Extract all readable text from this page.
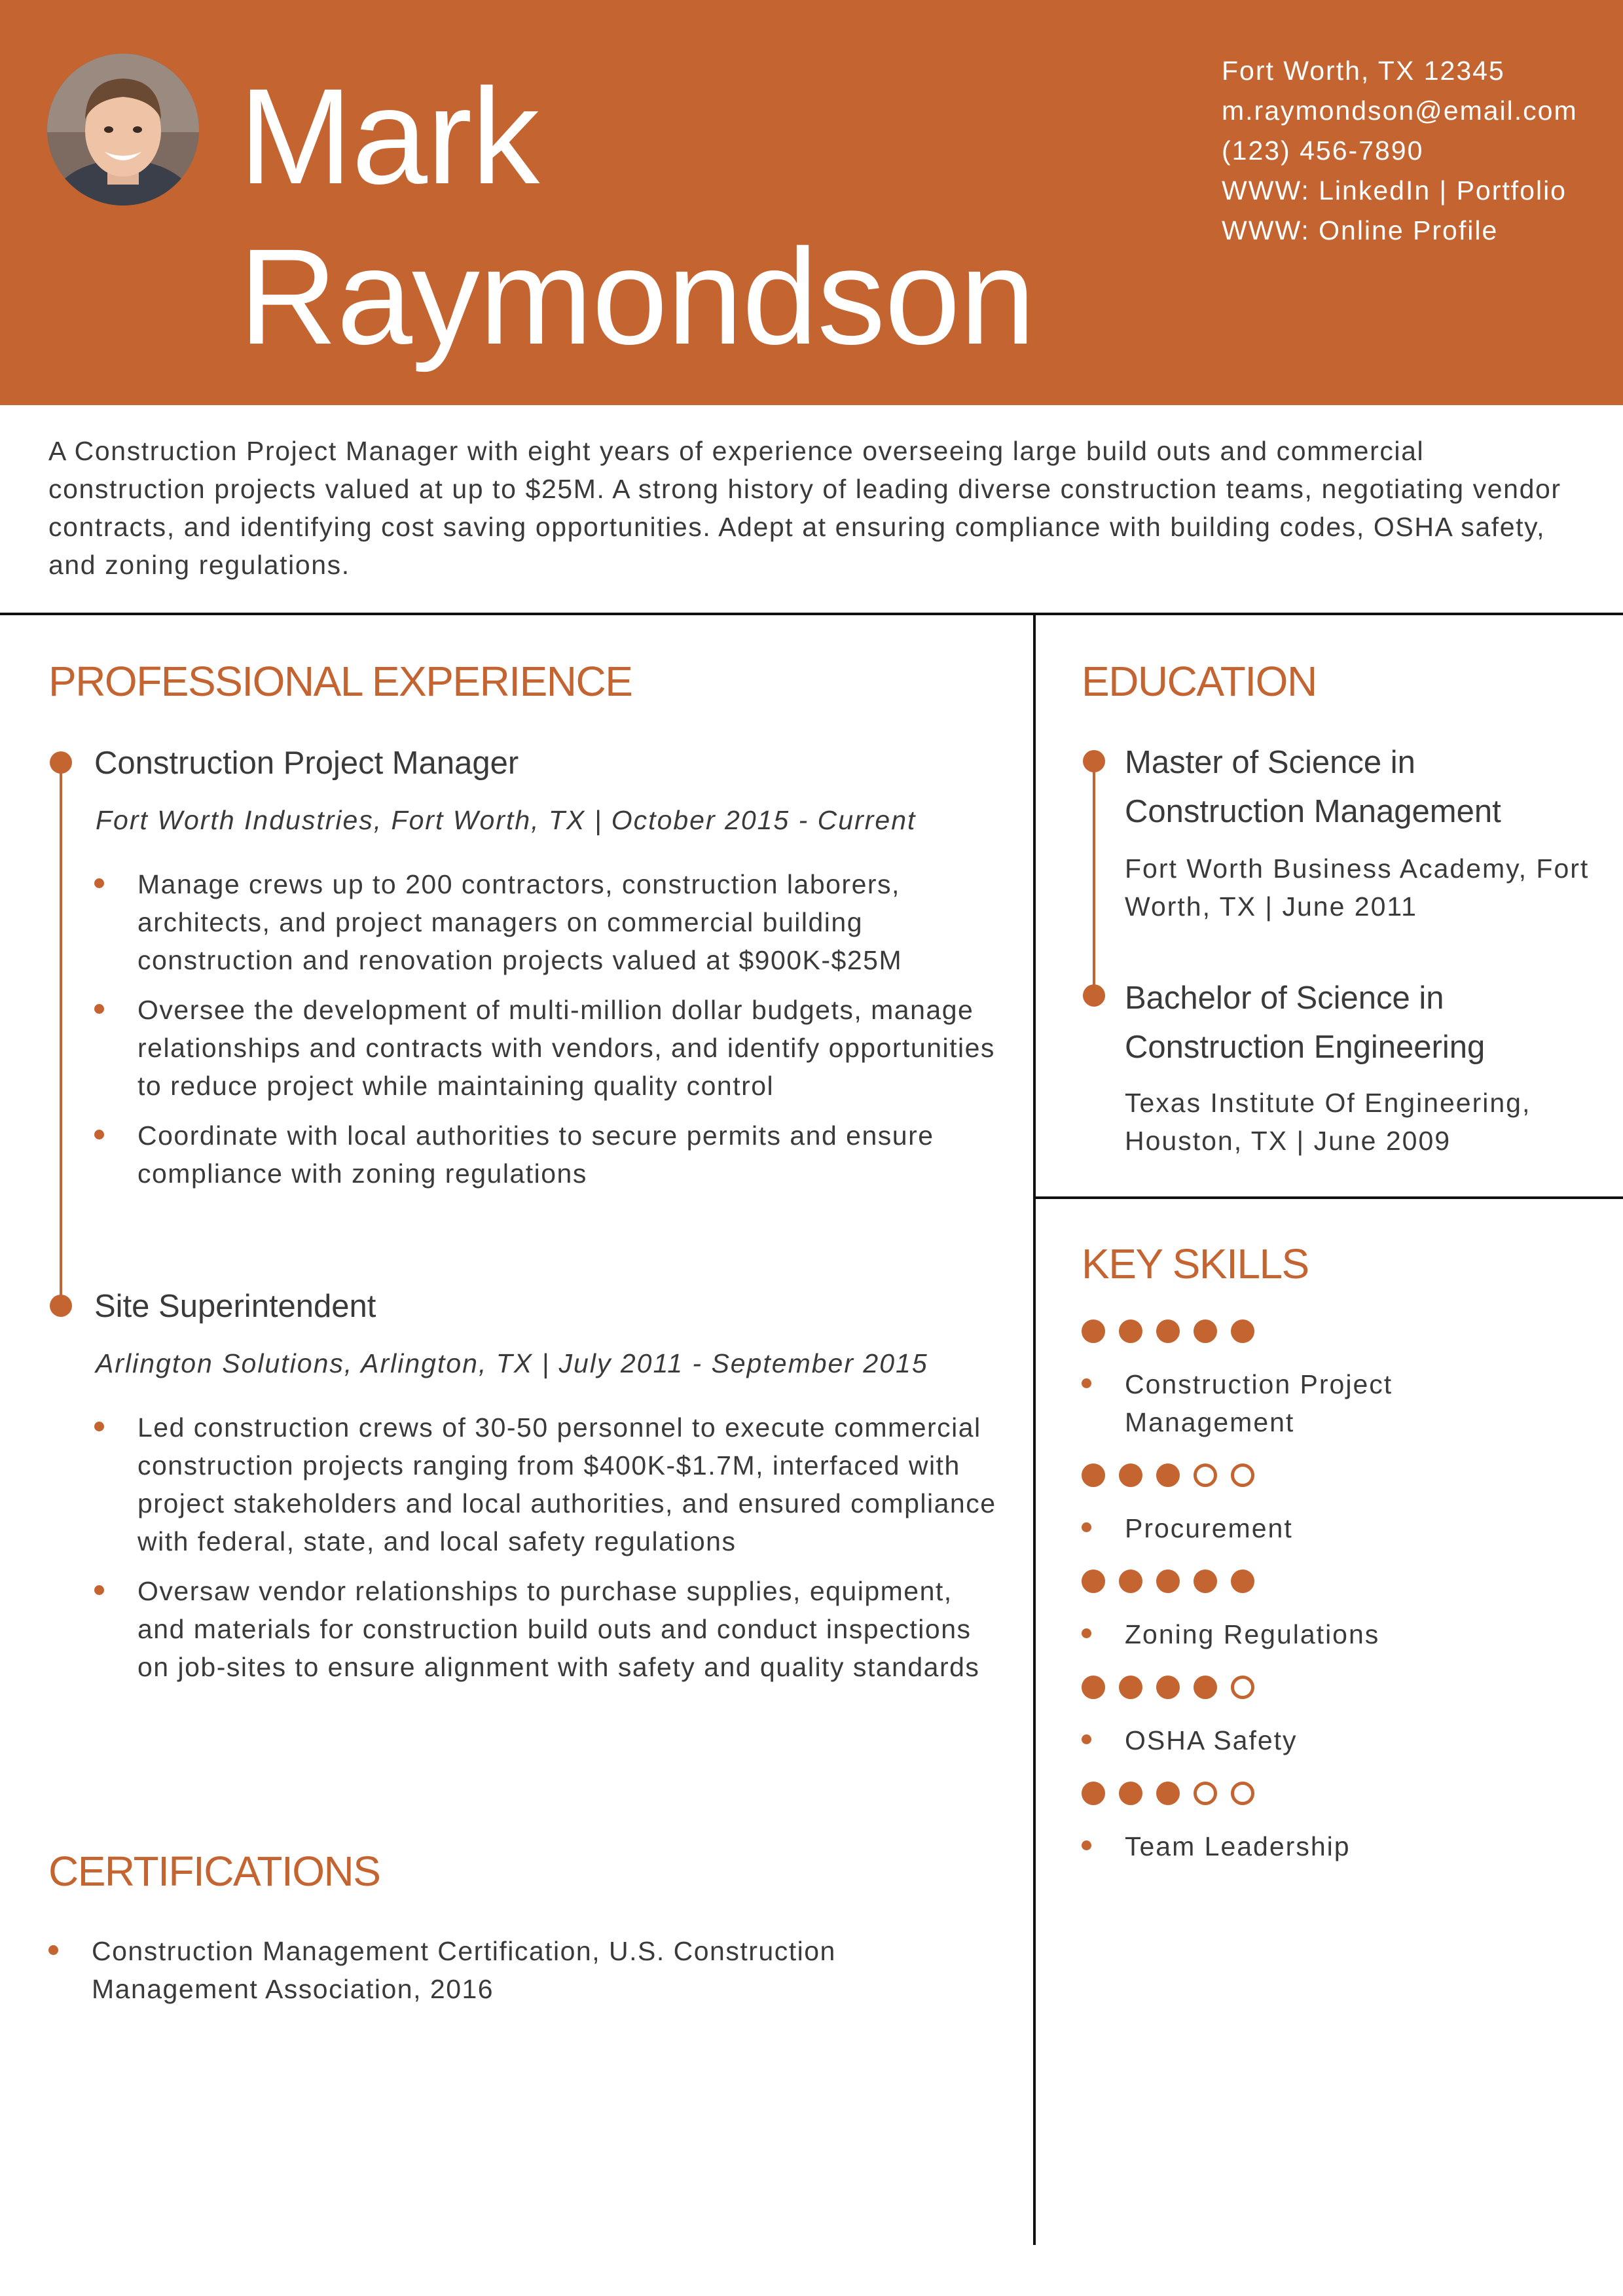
Mark
Raymondson
Fort Worth, TX 12345
m.raymondson@email.com
(123) 456-7890
WWW: LinkedIn | Portfolio
WWW: Online Profile
A Construction Project Manager with eight years of experience overseeing large build outs and commercial construction projects valued at up to $25M. A strong history of leading diverse construction teams, negotiating vendor contracts, and identifying cost saving opportunities. Adept at ensuring compliance with building codes, OSHA safety, and zoning regulations.
PROFESSIONAL EXPERIENCE
Construction Project Manager
Fort Worth Industries, Fort Worth, TX | October 2015 - Current
Manage crews up to 200 contractors, construction laborers, architects, and project managers on commercial building construction and renovation projects valued at $900K-$25M
Oversee the development of multi-million dollar budgets, manage relationships and contracts with vendors, and identify opportunities to reduce project while maintaining quality control
Coordinate with local authorities to secure permits and ensure compliance with zoning regulations
Site Superintendent
Arlington Solutions, Arlington, TX | July 2011 - September 2015
Led construction crews of 30-50 personnel to execute commercial construction projects ranging from $400K-$1.7M, interfaced with project stakeholders and local authorities, and ensured compliance with federal, state, and local safety regulations
Oversaw vendor relationships to purchase supplies, equipment, and materials for construction build outs and conduct inspections on job-sites to ensure alignment with safety and quality standards
CERTIFICATIONS
Construction Management Certification, U.S. Construction Management Association, 2016
EDUCATION
Master of Science in Construction Management
Fort Worth Business Academy, Fort Worth, TX | June 2011
Bachelor of Science in Construction Engineering
Texas Institute Of Engineering, Houston, TX | June 2009
KEY SKILLS
Construction Project Management
Procurement
Zoning Regulations
OSHA Safety
Team Leadership
